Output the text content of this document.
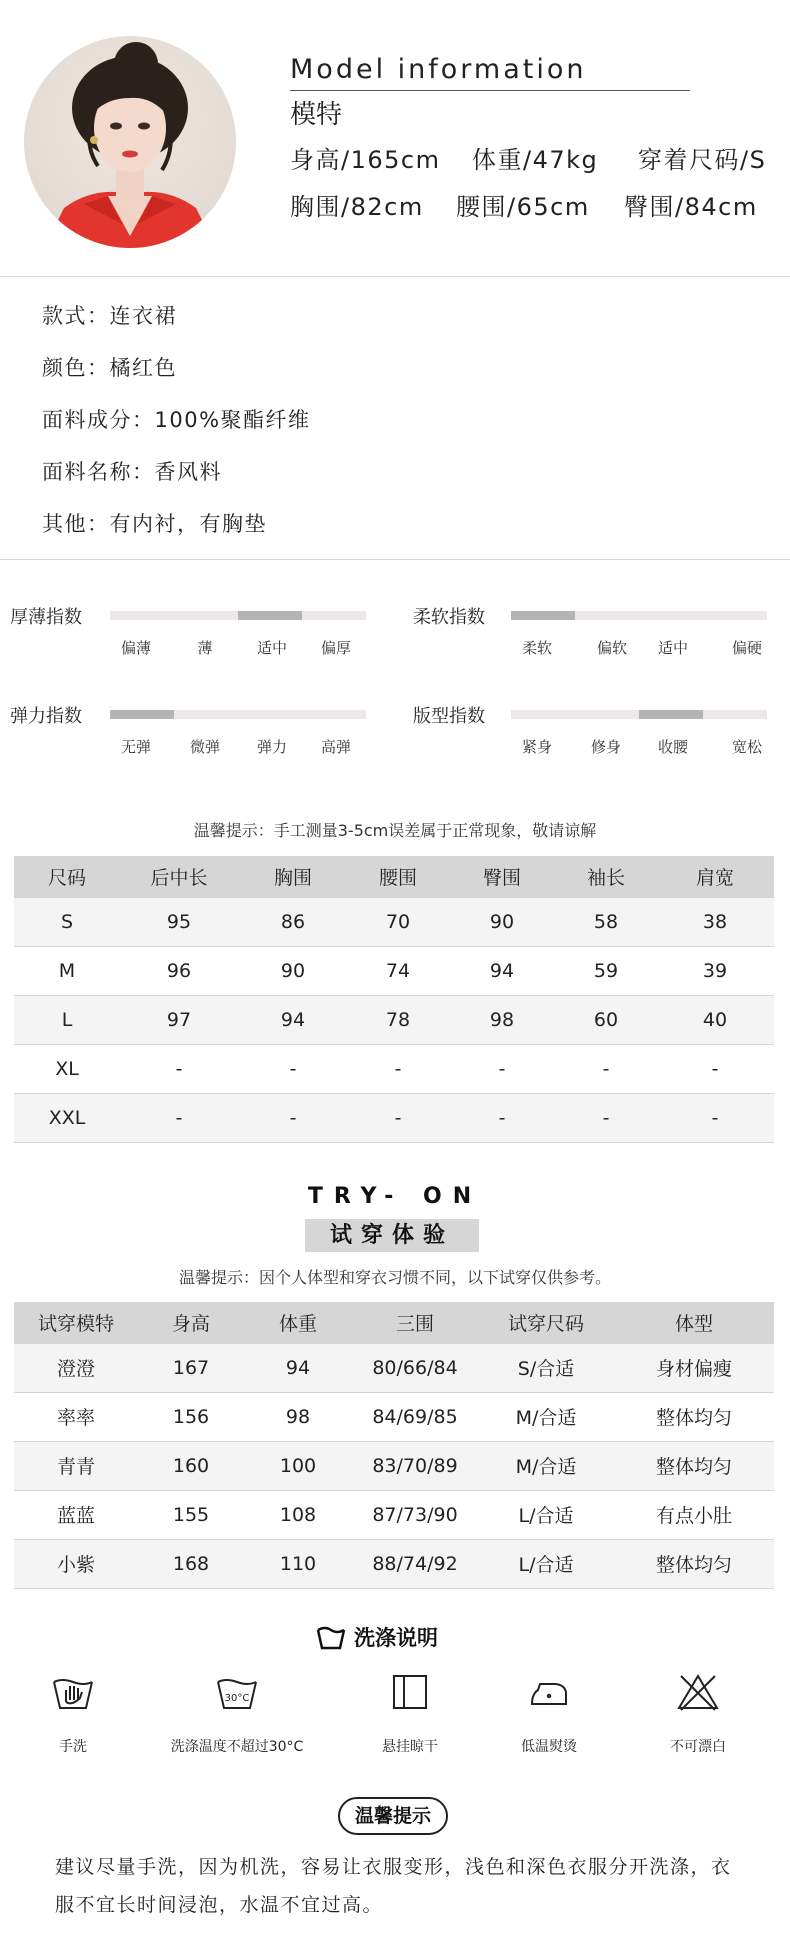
Model information
模特
身高/165cm 体重/47kg 穿着尺码/S
胸围/82cm 腰围/65cm 臀围/84cm
款式：连衣裙
颜色：橘红色
面料成分：100%聚酯纤维
面料名称：香风料
其他：有内衬，有胸垫
厚薄指数
偏薄	薄	适中 偏厚
柔软指数
柔软	偏软 适中	偏硬
弹力指数
无弹	微弹 弹力 高弹
版型指数
紧身	修身 收腰	宽松
温馨提示：手工测量3-5cm误差属于正常现象，敬请谅解
尺码	后中长	胸围	腰围	臀围	袖长	肩宽
S	95	86	70	90	58	38
M	96	90	74	94	59	39
L	97	94	78	98	60	40
XL	-	-	-	-	-	-
XXL	-	-	-	-	-	-
TRY- ON
试穿体验
温馨提示：因个人体型和穿衣习惯不同，以下试穿仅供参考。
试穿模特	身高	体重	三围	试穿尺码	体型
澄澄	167	94	80/66/84	S/合适	身材偏瘦
率率	156	98	84/69/85	M/合适	整体均匀
青青	160	100	83/70/89	M/合适	整体均匀
蓝蓝	155	108	87/73/90	L/合适	有点小肚
小紫	168	110	88/74/92	L/合适	整体均匀
洗涤说明
手洗
30°C
洗涤温度不超过30°C	悬挂晾干	低温熨烫	不可漂白
温馨提示
建议尽量手洗，因为机洗，容易让衣服变形，浅色和深色衣服分开洗涤，衣服不宜长时间浸泡，水温不宜过高。
